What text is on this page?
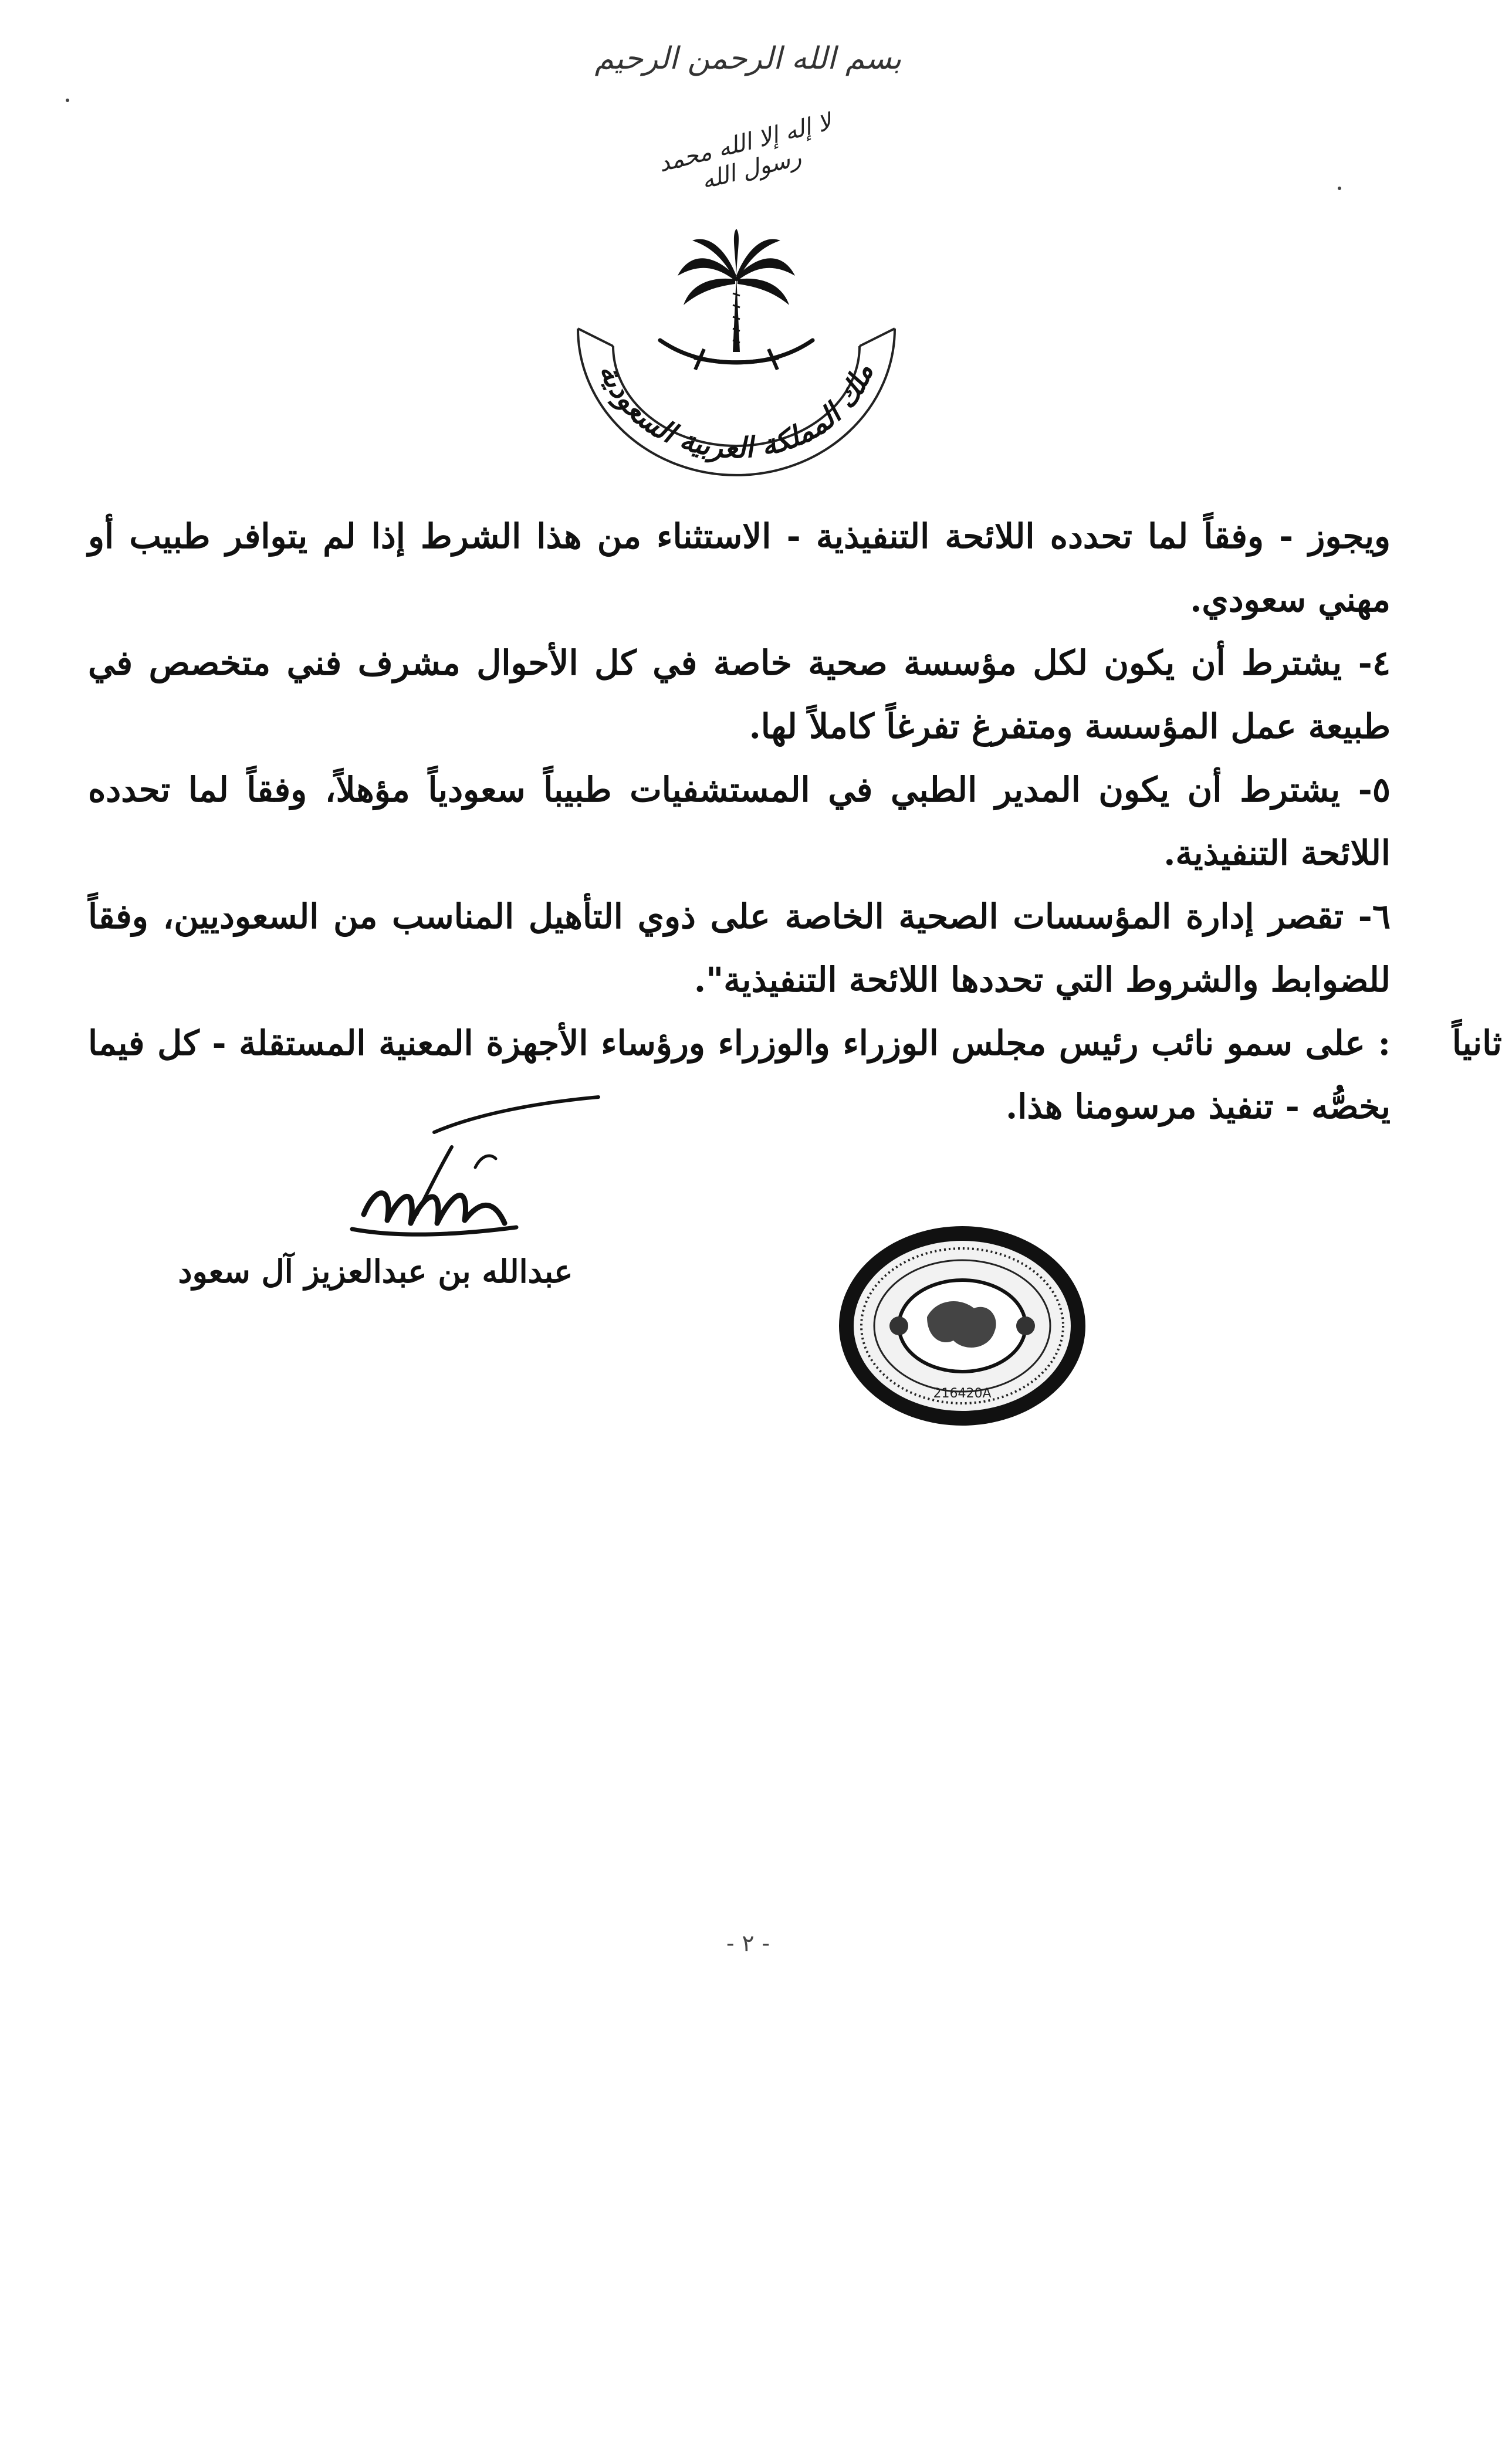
بسم الله الرحمن الرحيم
لا إله إلا الله محمد رسول الله
ملك المملكة العربية السعودية

ويجوز - وفقاً لما تحدده اللائحة التنفيذية - الاستثناء من هذا الشرط إذا لم يتوافر طبيب أو مهني سعودي.

٤- يشترط أن يكون لكل مؤسسة صحية خاصة في كل الأحوال مشرف فني متخصص في طبيعة عمل المؤسسة ومتفرغ تفرغاً كاملاً لها.

٥- يشترط أن يكون المدير الطبي في المستشفيات طبيباً سعودياً مؤهلاً، وفقاً لما تحدده اللائحة التنفيذية.

٦- تقصر إدارة المؤسسات الصحية الخاصة على ذوي التأهيل المناسب من السعوديين، وفقاً للضوابط والشروط التي تحددها اللائحة التنفيذية".

ثانياً
: على سمو نائب رئيس مجلس الوزراء والوزراء ورؤساء الأجهزة المعنية المستقلة - كل فيما يخصُّه - تنفيذ مرسومنا هذا.
عبدالله بن عبدالعزيز آل سعود
216420A
- ٢ -
